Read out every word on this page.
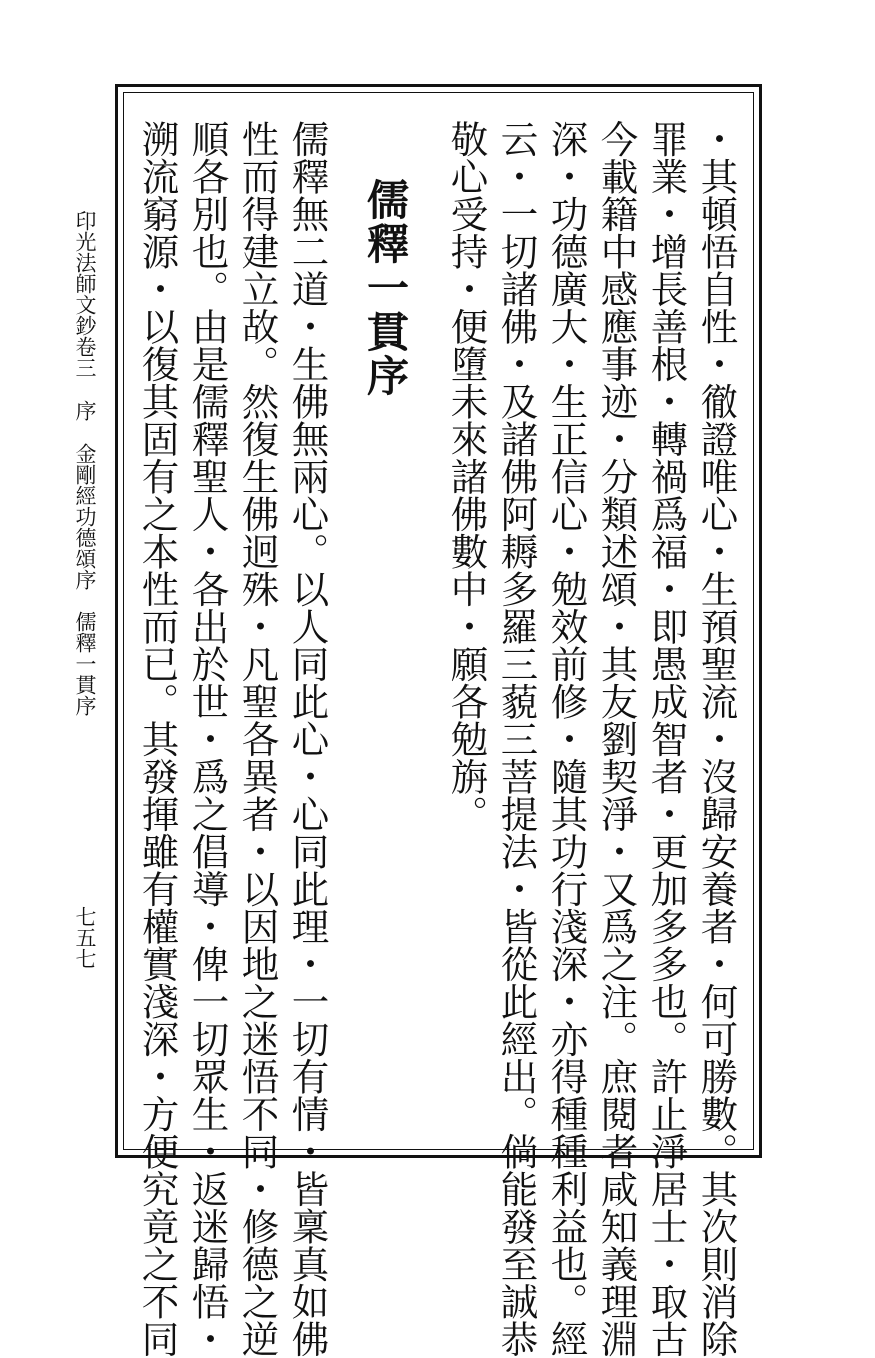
・其頓悟自性・徹證唯心・生預聖流・沒歸安養者・何可勝數。其次則消除
罪業・增長善根・轉禍爲福・即愚成智者・更加多多也。許止淨居士・取古
今載籍中感應事迹・分類述頌・其友劉契淨・又爲之注。庶閱者咸知義理淵
深・功德廣大・生正信心・勉效前修・隨其功行淺深・亦得種種利益也。經
云・一切諸佛・及諸佛阿耨多羅三藐三菩提法・皆從此經出。倘能發至誠恭
敬心受持・便墮未來諸佛數中・願各勉旃。
儒釋一貫序
儒釋無二道・生佛無兩心。以人同此心・心同此理・一切有情・皆稟真如佛
性而得建立故。然復生佛迥殊・凡聖各異者・以因地之迷悟不同・修德之逆
順各別也。由是儒釋聖人・各出於世・爲之倡導・俾一切眾生・返迷歸悟・
溯流窮源・以復其固有之本性而已。其發揮雖有權實淺深・方便究竟之不同
印光法師文鈔卷三序金剛經功德頌序　儒釋一貫序
七五七
